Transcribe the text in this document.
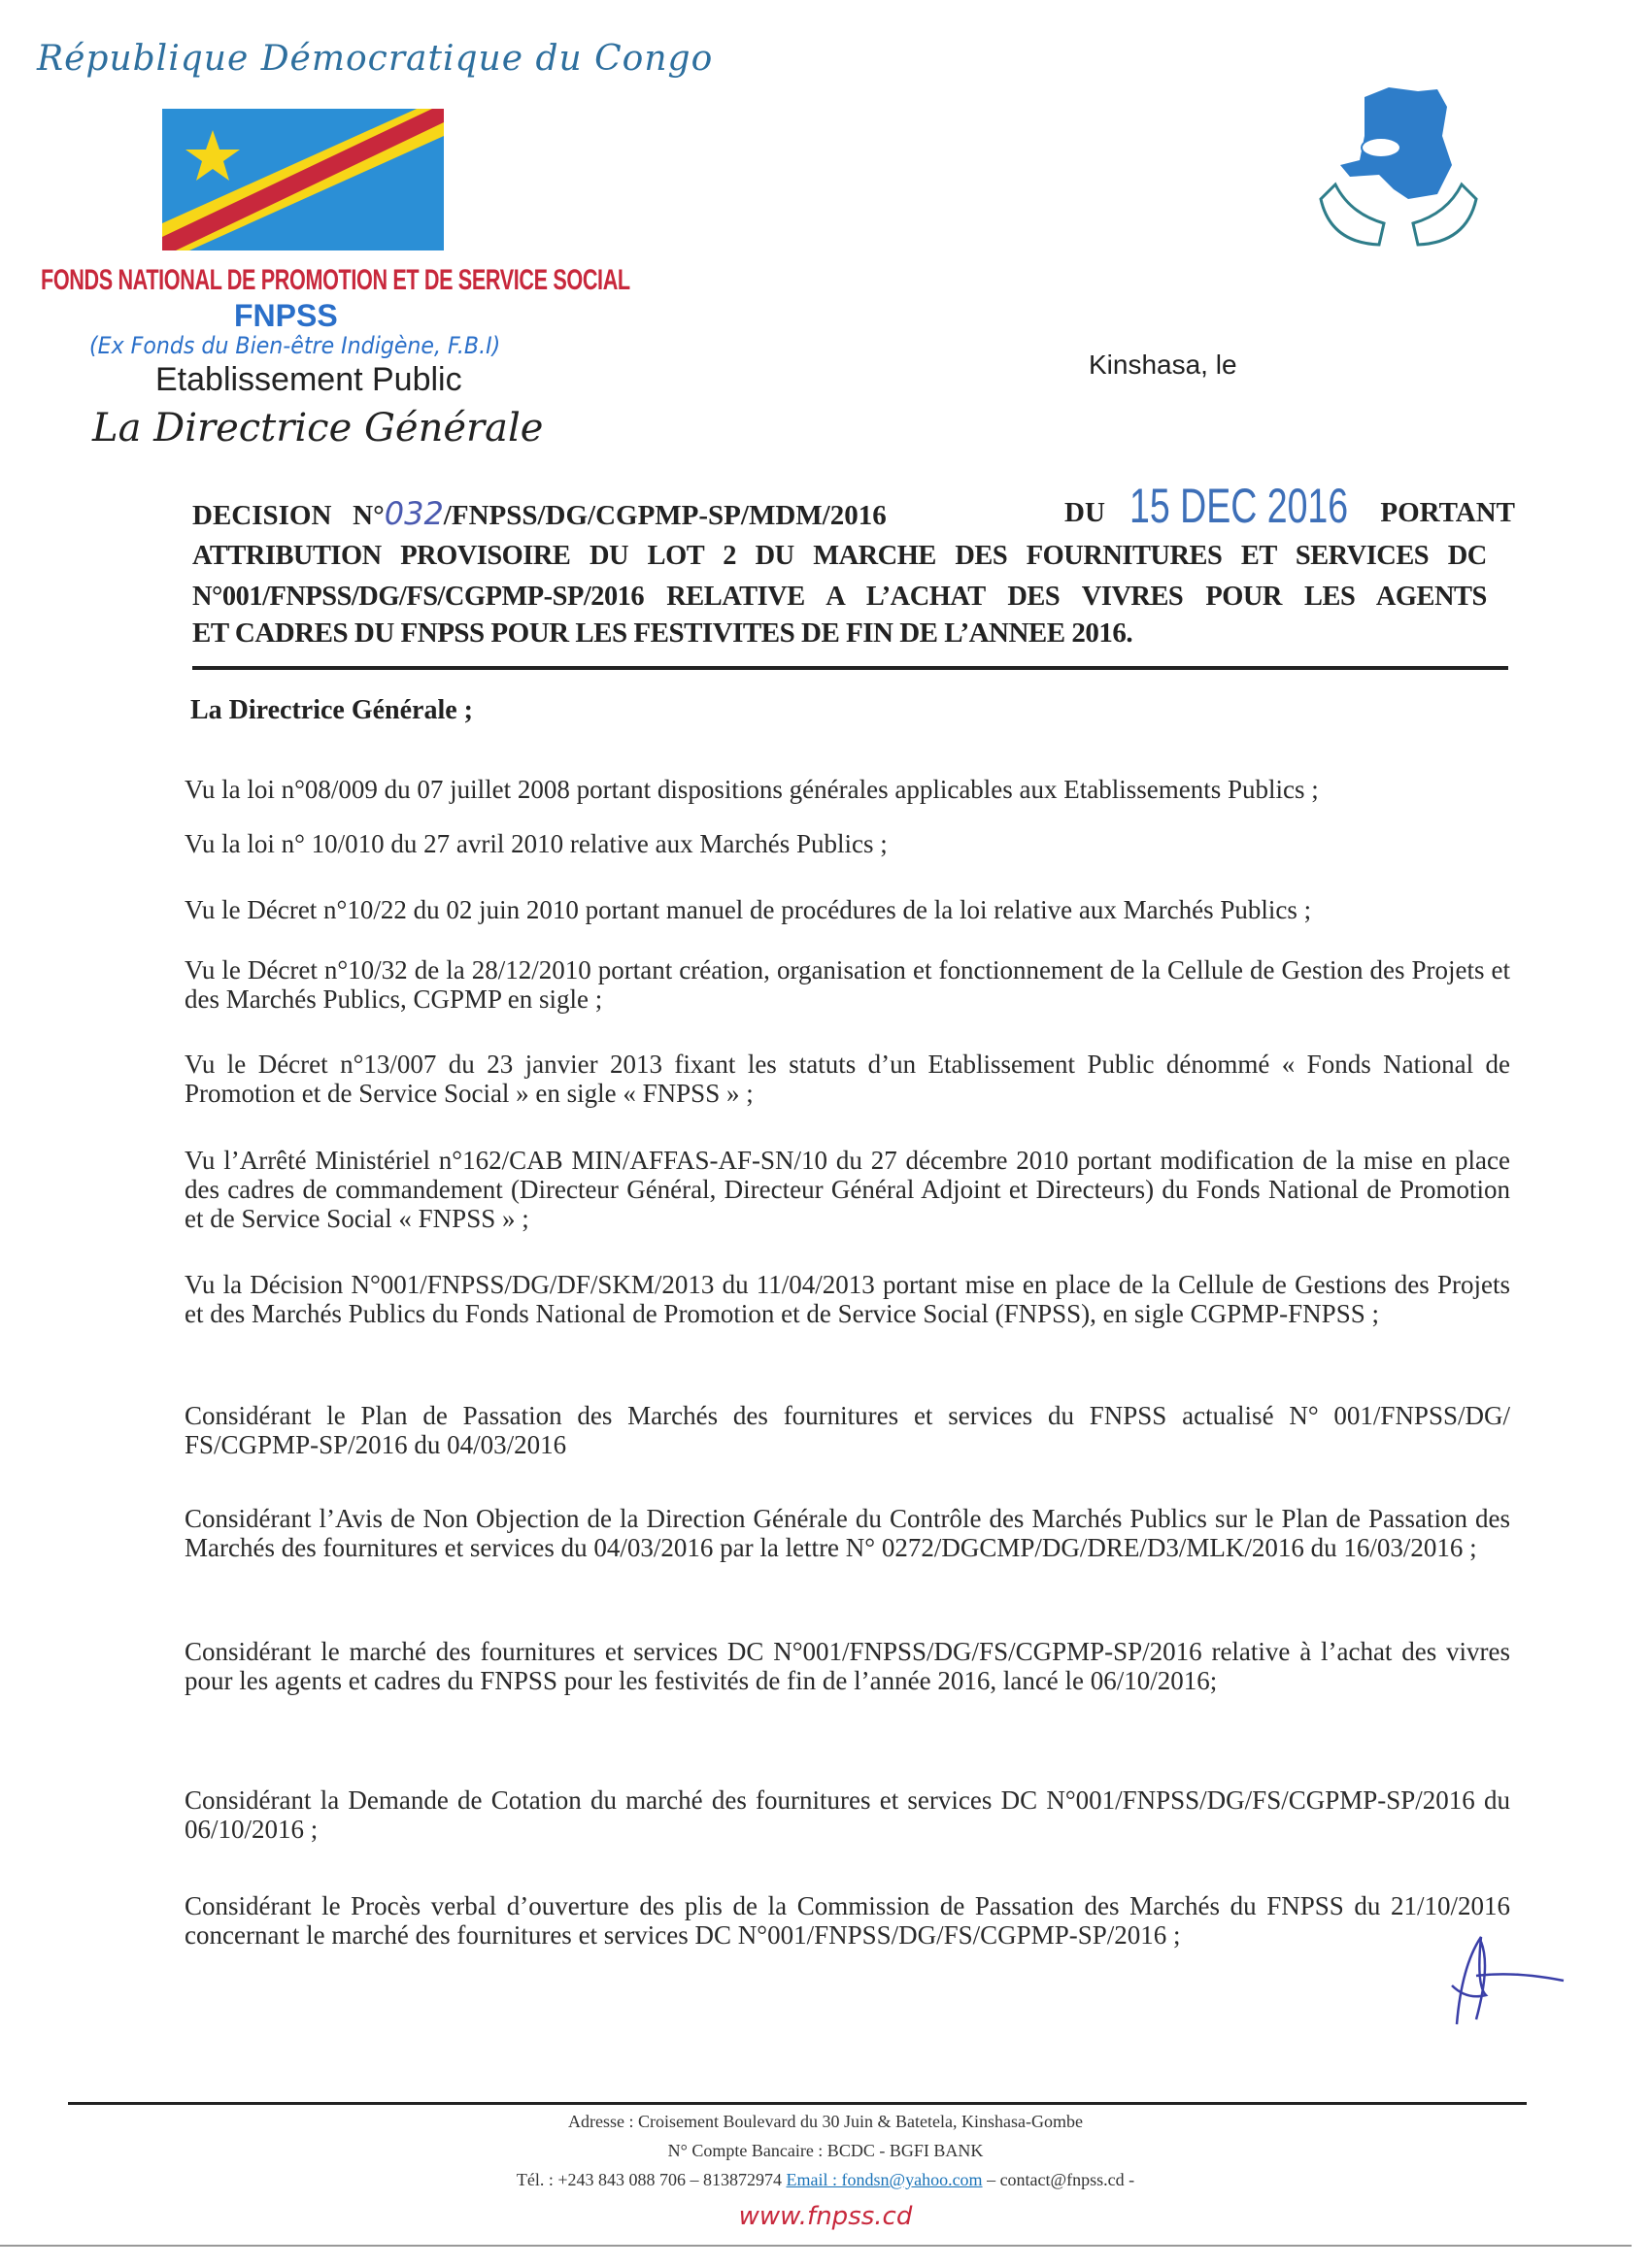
République Démocratique du Congo
FONDS NATIONAL DE PROMOTION ET DE SERVICE SOCIAL
FNPSS
(Ex Fonds du Bien-être Indigène, F.B.I)
Etablissement Public
La Directrice Générale
Kinshasa, le
DECISION   N°032/FNPSS/DG/CGPMP-SP/MDM/2016	DU 15 DEC 2016 PORTANT
ATTRIBUTION PROVISOIRE DU LOT 2 DU MARCHE DES FOURNITURES ET SERVICES DC
N°001/FNPSS/DG/FS/CGPMP-SP/2016 RELATIVE A L’ACHAT DES VIVRES POUR LES AGENTS
ET CADRES DU FNPSS POUR LES FESTIVITES DE FIN DE L’ANNEE 2016.
La Directrice Générale ;
Vu la loi n°08/009 du 07 juillet 2008 portant dispositions générales applicables aux Etablissements Publics ;
Vu la loi n° 10/010 du 27 avril 2010 relative aux Marchés Publics ;
Vu le Décret n°10/22 du 02 juin 2010 portant manuel de procédures de la loi relative aux Marchés Publics ;
Vu le Décret n°10/32 de la 28/12/2010 portant création, organisation et fonctionnement de la Cellule de Gestion des Projets et des Marchés Publics, CGPMP en sigle ;
Vu le Décret n°13/007 du 23 janvier 2013 fixant les statuts d’un Etablissement Public dénommé « Fonds National de Promotion et de Service Social » en sigle « FNPSS » ;
Vu l’Arrêté Ministériel n°162/CAB MIN/AFFAS-AF-SN/10 du 27 décembre 2010 portant modification de la mise en place des cadres de commandement (Directeur Général, Directeur Général Adjoint et Directeurs) du Fonds National de Promotion et de Service Social « FNPSS » ;
Vu la Décision N°001/FNPSS/DG/DF/SKM/2013 du 11/04/2013 portant mise en place de la Cellule de Gestions des Projets et des Marchés Publics du Fonds National de Promotion et de Service Social (FNPSS), en sigle CGPMP-FNPSS ;
Considérant le Plan de Passation des Marchés des fournitures et services du FNPSS actualisé N° 001/FNPSS/DG/ FS/CGPMP-SP/2016 du 04/03/2016
Considérant l’Avis de Non Objection de la Direction Générale du Contrôle des Marchés Publics sur le Plan de Passation des Marchés des fournitures et services du 04/03/2016 par la lettre N° 0272/DGCMP/DG/DRE/D3/MLK/2016 du 16/03/2016 ;
Considérant le marché des fournitures et services DC N°001/FNPSS/DG/FS/CGPMP-SP/2016 relative à l’achat des vivres pour les agents et cadres du FNPSS pour les festivités de fin de l’année 2016, lancé le 06/10/2016;
Considérant la Demande de Cotation du marché des fournitures et services DC N°001/FNPSS/DG/FS/CGPMP-SP/2016 du 06/10/2016 ;
Considérant le Procès verbal d’ouverture des plis de la Commission de Passation des Marchés du FNPSS du 21/10/2016 concernant le marché des fournitures et services DC N°001/FNPSS/DG/FS/CGPMP-SP/2016 ;
Adresse : Croisement Boulevard du 30 Juin & Batetela, Kinshasa-Gombe
N° Compte Bancaire : BCDC - BGFI BANK
Tél. : +243 843 088 706 – 813872974 Email : fondsn@yahoo.com – contact@fnpss.cd -
www.fnpss.cd
